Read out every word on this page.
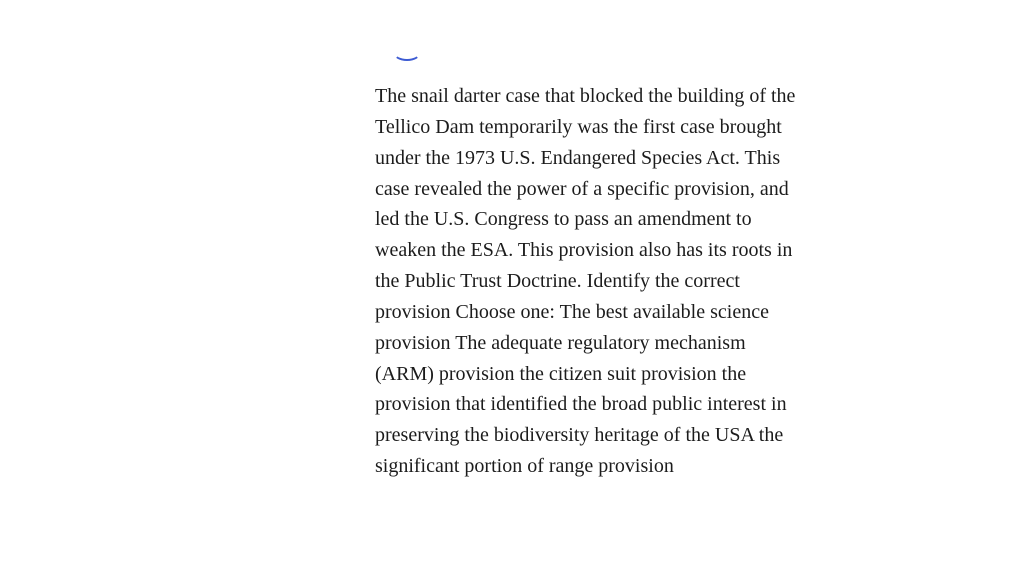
The snail darter case that blocked the building of the
Tellico Dam temporarily was the first case brought
under the 1973 U.S. Endangered Species Act. This
case revealed the power of a specific provision, and
led the U.S. Congress to pass an amendment to
weaken the ESA. This provision also has its roots in
the Public Trust Doctrine. Identify the correct
provision Choose one: The best available science
provision The adequate regulatory mechanism
(ARM) provision the citizen suit provision the
provision that identified the broad public interest in
preserving the biodiversity heritage of the USA the
significant portion of range provision
